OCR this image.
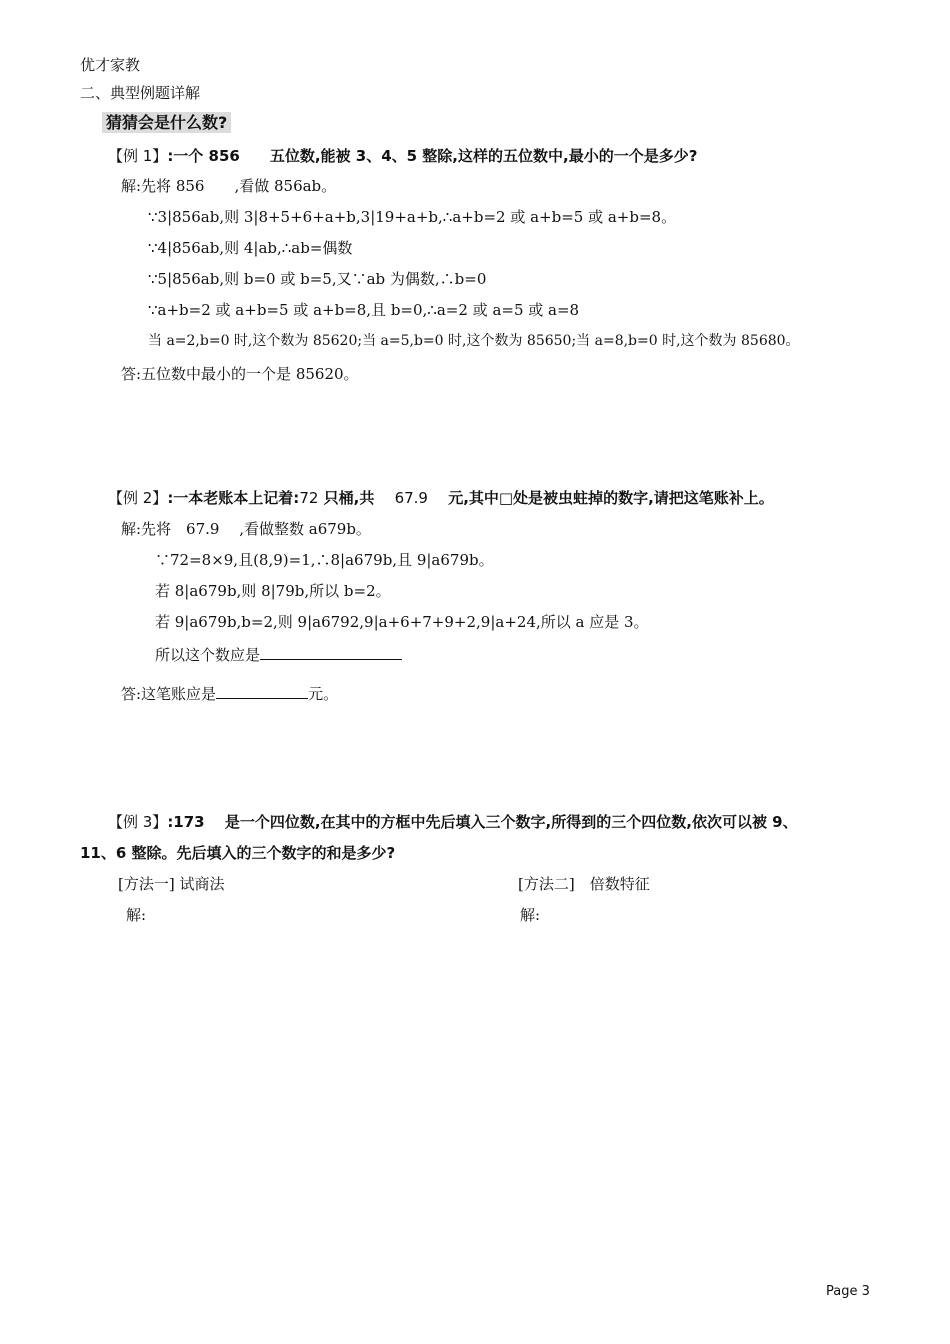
优才家教
二、典型例题详解
猜猜会是什么数?
【例 1】:一个 856　　五位数,能被 3、4、5 整除,这样的五位数中,最小的一个是多少?
解:先将 856　　,看做 856ab。
∵3|856ab,则 3|8+5+6+a+b,3|19+a+b,∴a+b=2 或 a+b=5 或 a+b=8。
∵4|856ab,则 4|ab,∴ab=偶数
∵5|856ab,则 b=0 或 b=5,又∵ab 为偶数,∴b=0
∵a+b=2 或 a+b=5 或 a+b=8,且 b=0,∴a=2 或 a=5 或 a=8
当 a=2,b=0 时,这个数为 85620;当 a=5,b=0 时,这个数为 85650;当 a=8,b=0 时,这个数为 85680。
答:五位数中最小的一个是 85620。
【例 2】:一本老账本上记着:72 只桶,共　 67.9　 元,其中□处是被虫蛀掉的数字,请把这笔账补上。
解:先将　67.9　 ,看做整数 a679b。
∵72=8×9,且(8,9)=1,∴8|a679b,且 9|a679b。
若 8|a679b,则 8|79b,所以 b=2。
若 9|a679b,b=2,则 9|a6792,9|a+6+7+9+2,9|a+24,所以 a 应是 3。
所以这个数应是
答:这笔账应是	元。
【例 3】:173　 是一个四位数,在其中的方框中先后填入三个数字,所得到的三个四位数,依次可以被 9、
11、6 整除。先后填入的三个数字的和是多少?
[方法一] 试商法	[方法二]　倍数特征
解:	解:
Page 3
